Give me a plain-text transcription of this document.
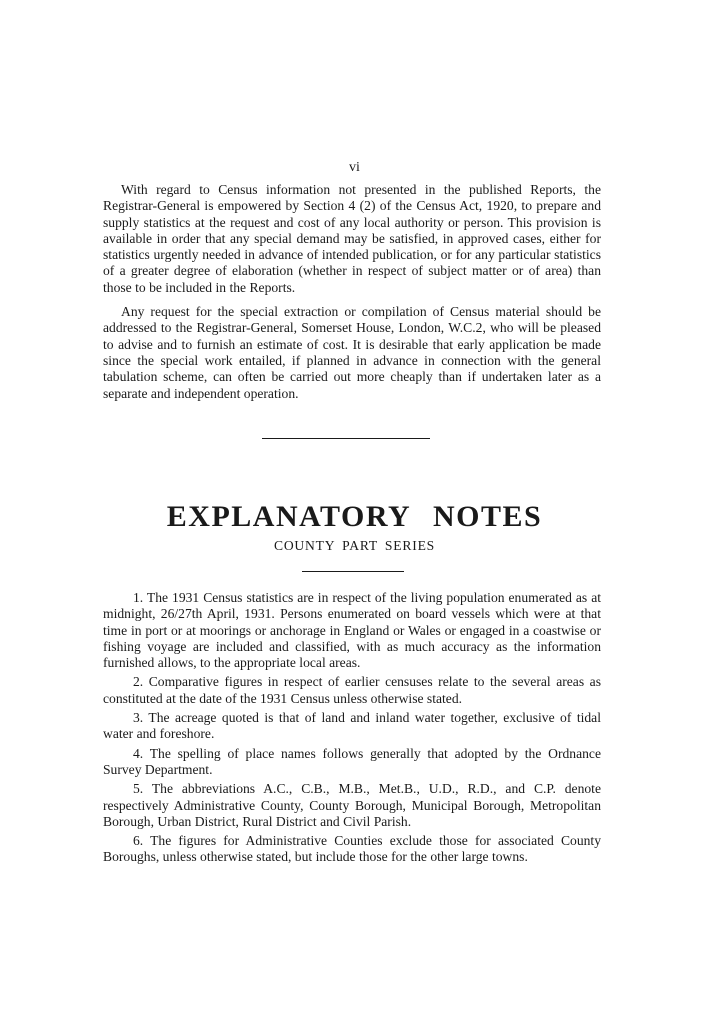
vi

With regard to Census information not presented in the published Reports, the Registrar-General is empowered by Section 4 (2) of the Census Act, 1920, to prepare and supply statistics at the request and cost of any local authority or person. This provision is available in order that any special demand may be satisfied, in approved cases, either for statistics urgently needed in advance of intended publication, or for any particular statistics of a greater degree of elaboration (whether in respect of subject matter or of area) than those to be included in the Reports.

Any request for the special extraction or compilation of Census material should be addressed to the Registrar-General, Somerset House, London, W.C.2, who will be pleased to advise and to furnish an estimate of cost. It is desirable that early application be made since the special work entailed, if planned in advance in connection with the general tabulation scheme, can often be carried out more cheaply than if undertaken later as a separate and independent operation.

EXPLANATORY NOTES
COUNTY PART SERIES

1. The 1931 Census statistics are in respect of the living population enumerated as at midnight, 26/27th April, 1931. Persons enumerated on board vessels which were at that time in port or at moorings or anchorage in England or Wales or engaged in a coastwise or fishing voyage are included and classified, with as much accuracy as the information furnished allows, to the appropriate local areas.

2. Comparative figures in respect of earlier censuses relate to the several areas as constituted at the date of the 1931 Census unless otherwise stated.

3. The acreage quoted is that of land and inland water together, exclusive of tidal water and foreshore.

4. The spelling of place names follows generally that adopted by the Ordnance Survey Department.

5. The abbreviations A.C., C.B., M.B., Met.B., U.D., R.D., and C.P. denote respectively Administrative County, County Borough, Municipal Borough, Metropolitan Borough, Urban District, Rural District and Civil Parish.

6. The figures for Administrative Counties exclude those for associated County Boroughs, unless otherwise stated, but include those for the other large towns.
